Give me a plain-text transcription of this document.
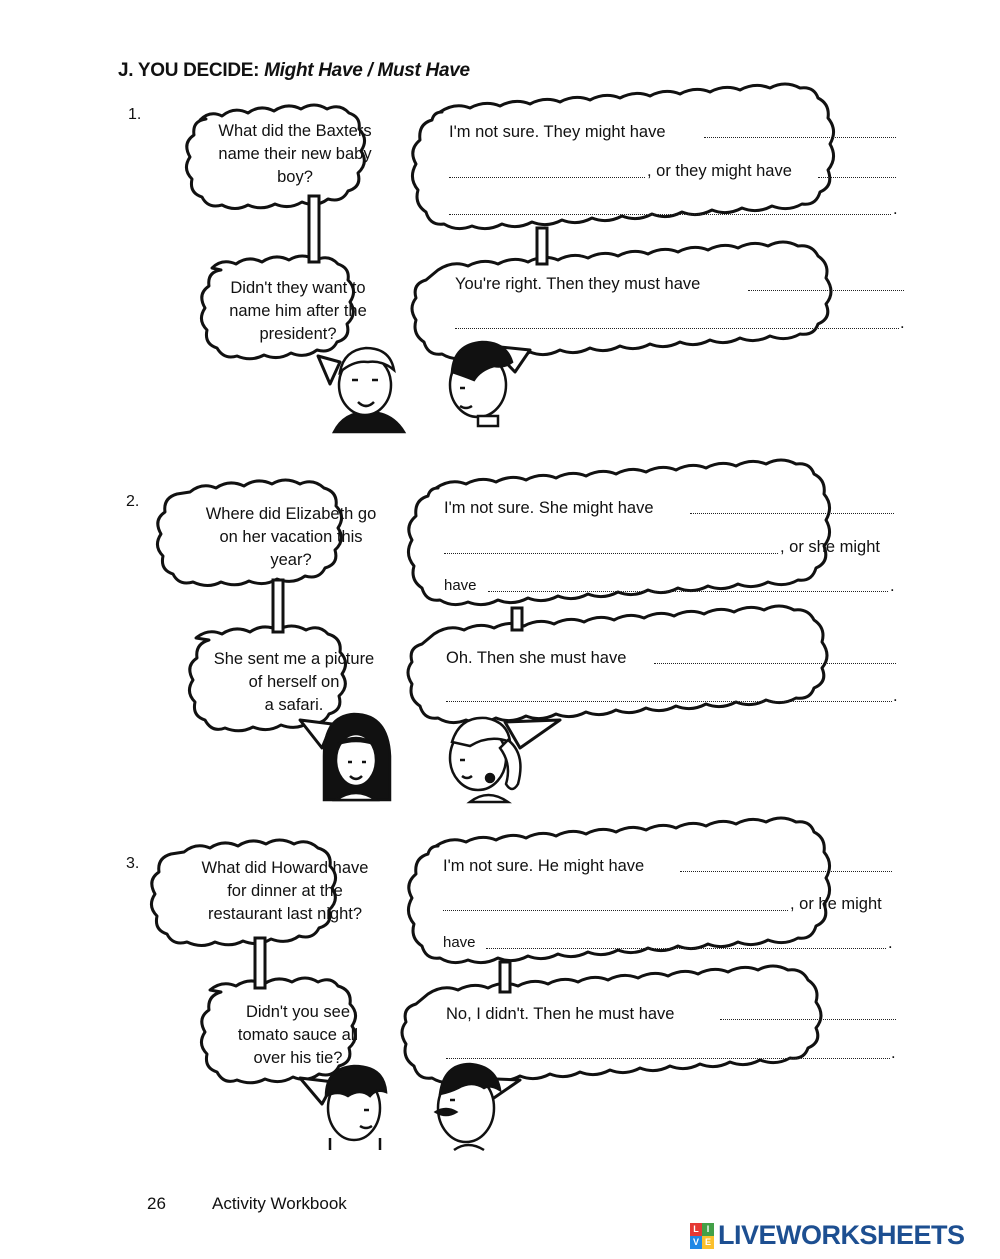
J. YOU DECIDE: Might Have / Must Have
1.
What did the Baxters
name their new baby
boy?
I'm not sure. They might have
, or they might have
.
Didn't they want to
name him after the
president?
You're right. Then they must have
.
2.
Where did Elizabeth go
on her vacation this
year?
I'm not sure. She might have
, or she might
have	.
She sent me a picture
of herself on
a safari.
Oh. Then she must have
.
3.	What did Howard have
for dinner at the
restaurant last night?
I'm not sure. He might have
, or he might
have	.
Didn't you see
tomato sauce all
over his tie?
No, I didn't. Then he must have
.
26	Activity Workbook
L I
V E LIVEWORKSHEETS
